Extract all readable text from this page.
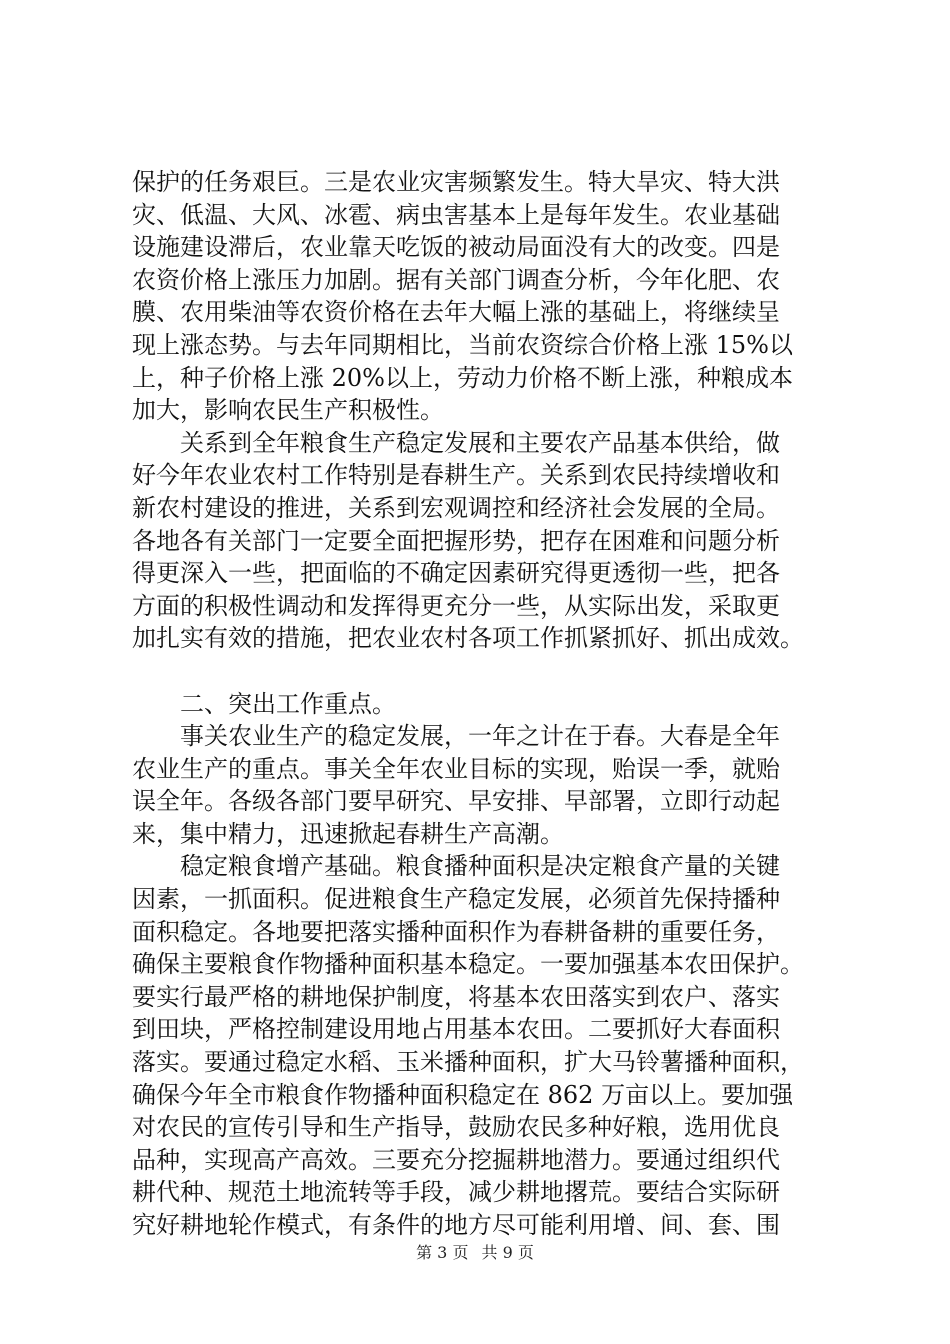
保护的任务艰巨。三是农业灾害频繁发生。特大旱灾、特大洪
灾、低温、大风、冰雹、病虫害基本上是每年发生。农业基础
设施建设滞后，农业靠天吃饭的被动局面没有大的改变。四是
农资价格上涨压力加剧。据有关部门调查分析，今年化肥、农
膜、农用柴油等农资价格在去年大幅上涨的基础上，将继续呈
现上涨态势。与去年同期相比，当前农资综合价格上涨 15%以
上，种子价格上涨 20%以上，劳动力价格不断上涨，种粮成本
加大，影响农民生产积极性。
关系到全年粮食生产稳定发展和主要农产品基本供给，做
好今年农业农村工作特别是春耕生产。关系到农民持续增收和
新农村建设的推进，关系到宏观调控和经济社会发展的全局。
各地各有关部门一定要全面把握形势，把存在困难和问题分析
得更深入一些，把面临的不确定因素研究得更透彻一些，把各
方面的积极性调动和发挥得更充分一些，从实际出发，采取更
加扎实有效的措施，把农业农村各项工作抓紧抓好、抓出成效。
二、突出工作重点。
事关农业生产的稳定发展，一年之计在于春。大春是全年
农业生产的重点。事关全年农业目标的实现，贻误一季，就贻
误全年。各级各部门要早研究、早安排、早部署，立即行动起
来，集中精力，迅速掀起春耕生产高潮。
稳定粮食增产基础。粮食播种面积是决定粮食产量的关键
因素，一抓面积。促进粮食生产稳定发展，必须首先保持播种
面积稳定。各地要把落实播种面积作为春耕备耕的重要任务，
确保主要粮食作物播种面积基本稳定。一要加强基本农田保护。
要实行最严格的耕地保护制度，将基本农田落实到农户、落实
到田块，严格控制建设用地占用基本农田。二要抓好大春面积
落实。要通过稳定水稻、玉米播种面积，扩大马铃薯播种面积，
确保今年全市粮食作物播种面积稳定在 862 万亩以上。要加强
对农民的宣传引导和生产指导，鼓励农民多种好粮，选用优良
品种，实现高产高效。三要充分挖掘耕地潜力。要通过组织代
耕代种、规范土地流转等手段，减少耕地撂荒。要结合实际研
究好耕地轮作模式，有条件的地方尽可能利用增、间、套、围
第 3 页 共 9 页
